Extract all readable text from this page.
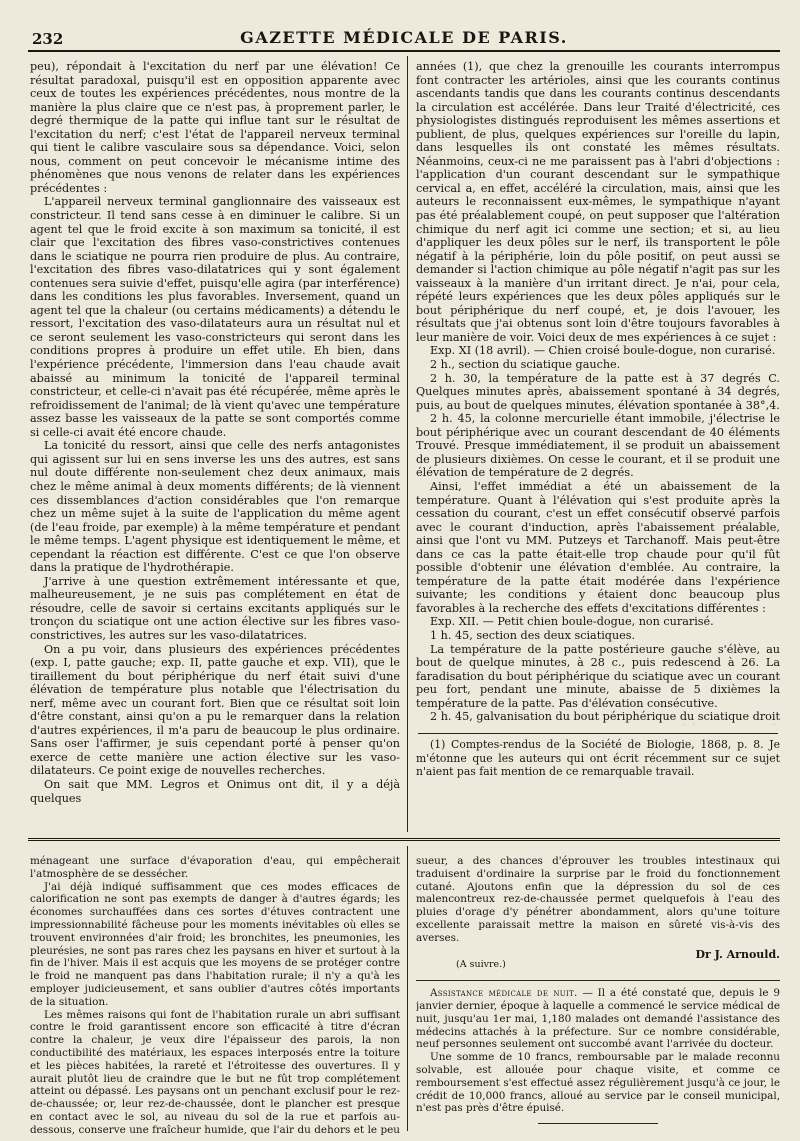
232	GAZETTE MÉDICALE DE PARIS.

peu), répondait à l'excitation du nerf par une élévation! Ce résultat paradoxal, puisqu'il est en opposition apparente avec ceux de toutes les expériences précédentes, nous montre de la manière la plus claire que ce n'est pas, à proprement parler, le degré thermique de la patte qui influe tant sur le résultat de l'excitation du nerf; c'est l'état de l'appareil nerveux terminal qui tient le calibre vasculaire sous sa dépendance. Voici, selon nous, comment on peut concevoir le mécanisme intime des phénomènes que nous venons de relater dans les expériences précédentes :

L'appareil nerveux terminal ganglionnaire des vaisseaux est constricteur. Il tend sans cesse à en diminuer le calibre. Si un agent tel que le froid excite à son maximum sa tonicité, il est clair que l'excitation des fibres vaso-constrictives contenues dans le sciatique ne pourra rien produire de plus. Au contraire, l'excitation des fibres vaso-dilatatrices qui y sont également contenues sera suivie d'effet, puisqu'elle agira (par interférence) dans les conditions les plus favorables. Inversement, quand un agent tel que la chaleur (ou certains médicaments) a détendu le ressort, l'excitation des vaso-dilatateurs aura un résultat nul et ce seront seulement les vaso-constricteurs qui seront dans les conditions propres à produire un effet utile. Eh bien, dans l'expérience précédente, l'immersion dans l'eau chaude avait abaissé au minimum la tonicité de l'appareil terminal constricteur, et celle-ci n'avait pas été récupérée, même après le refroidissement de l'animal; de là vient qu'avec une température assez basse les vaisseaux de la patte se sont comportés comme si celle-ci avait été encore chaude.

La tonicité du ressort, ainsi que celle des nerfs antagonistes qui agissent sur lui en sens inverse les uns des autres, est sans nul doute différente non-seulement chez deux animaux, mais chez le même animal à deux moments différents; de là viennent ces dissemblances d'action considérables que l'on remarque chez un même sujet à la suite de l'application du même agent (de l'eau froide, par exemple) à la même température et pendant le même temps. L'agent physique est identiquement le même, et cependant la réaction est différente. C'est ce que l'on observe dans la pratique de l'hydrothérapie.

J'arrive à une question extrêmement intéressante et que, malheureusement, je ne suis pas complétement en état de résoudre, celle de savoir si certains excitants appliqués sur le tronçon du sciatique ont une action élective sur les fibres vaso-constrictives, les autres sur les vaso-dilatatrices.

On a pu voir, dans plusieurs des expériences précédentes (exp. I, patte gauche; exp. II, patte gauche et exp. VII), que le tiraillement du bout périphérique du nerf était suivi d'une élévation de température plus notable que l'électrisation du nerf, même avec un courant fort. Bien que ce résultat soit loin d'être constant, ainsi qu'on a pu le remarquer dans la relation d'autres expériences, il m'a paru de beaucoup le plus ordinaire. Sans oser l'affirmer, je suis cependant porté à penser qu'on exerce de cette manière une action élective sur les vaso-dilatateurs. Ce point exige de nouvelles recherches.

On sait que MM. Legros et Onimus ont dit, il y a déjà quelques

années (1), que chez la grenouille les courants interrompus font contracter les artérioles, ainsi que les courants continus ascendants tandis que dans les courants continus descendants la circulation est accélérée. Dans leur Traité d'électricité, ces physiologistes distingués reproduisent les mêmes assertions et publient, de plus, quelques expériences sur l'oreille du lapin, dans lesquelles ils ont constaté les mêmes résultats. Néanmoins, ceux-ci ne me paraissent pas à l'abri d'objections : l'application d'un courant descendant sur le sympathique cervical a, en effet, accéléré la circulation, mais, ainsi que les auteurs le reconnaissent eux-mêmes, le sympathique n'ayant pas été préalablement coupé, on peut supposer que l'altération chimique du nerf agit ici comme une section; et si, au lieu d'appliquer les deux pôles sur le nerf, ils transportent le pôle négatif à la périphérie, loin du pôle positif, on peut aussi se demander si l'action chimique au pôle négatif n'agit pas sur les vaisseaux à la manière d'un irritant direct. Je n'ai, pour cela, répété leurs expériences que les deux pôles appliqués sur le bout périphérique du nerf coupé, et, je dois l'avouer, les résultats que j'ai obtenus sont loin d'être toujours favorables à leur manière de voir. Voici deux de mes expériences à ce sujet :

Exp. XI (18 avril). — Chien croisé boule-dogue, non curarisé.

2 h., section du sciatique gauche.

2 h. 30, la température de la patte est à 37 degrés C. Quelques minutes après, abaissement spontané à 34 degrés, puis, au bout de quelques minutes, élévation spontanée à 38°,4.

2 h. 45, la colonne mercurielle étant immobile, j'électrise le bout périphérique avec un courant descendant de 40 éléments Trouvé. Presque immédiatement, il se produit un abaissement de plusieurs dixièmes. On cesse le courant, et il se produit une élévation de température de 2 degrés.

Ainsi, l'effet immédiat a été un abaissement de la température. Quant à l'élévation qui s'est produite après la cessation du courant, c'est un effet consécutif observé parfois avec le courant d'induction, après l'abaissement préalable, ainsi que l'ont vu MM. Putzeys et Tarchanoff. Mais peut-être dans ce cas la patte était-elle trop chaude pour qu'il fût possible d'obtenir une élévation d'emblée. Au contraire, la température de la patte était modérée dans l'expérience suivante; les conditions y étaient donc beaucoup plus favorables à la recherche des effets d'excitations différentes :

Exp. XII. — Petit chien boule-dogue, non curarisé.

1 h. 45, section des deux sciatiques.

La température de la patte postérieure gauche s'élève, au bout de quelque minutes, à 28 c., puis redescend à 26. La faradisation du bout périphérique du sciatique avec un courant peu fort, pendant une minute, abaisse de 5 dixièmes la température de la patte. Pas d'élévation consécutive.

2 h. 45, galvanisation du bout périphérique du sciatique droit

(1) Comptes-rendus de la Société de Biologie, 1868, p. 8. Je m'étonne que les auteurs qui ont écrit récemment sur ce sujet n'aient pas fait mention de ce remarquable travail.

ménageant une surface d'évaporation d'eau, qui empêcherait l'atmosphère de se dessécher.

J'ai déjà indiqué suffisamment que ces modes efficaces de calorification ne sont pas exempts de danger à d'autres égards; les économes surchauffées dans ces sortes d'étuves contractent une impressionnabilité fâcheuse pour les moments inévitables où elles se trouvent environnées d'air froid; les bronchites, les pneumonies, les pleurésies, ne sont pas rares chez les paysans en hiver et surtout à la fin de l'hiver. Mais il est acquis que les moyens de se protéger contre le froid ne manquent pas dans l'habitation rurale; il n'y a qu'à les employer judicieusement, et sans oublier d'autres côtés importants de la situation.

Les mêmes raisons qui font de l'habitation rurale un abri suffisant contre le froid garantissent encore son efficacité à titre d'écran contre la chaleur, je veux dire l'épaisseur des parois, la non conductibilité des matériaux, les espaces interposés entre la toiture et les pièces habitées, la rareté et l'étroitesse des ouvertures. Il y aurait plutôt lieu de craindre que le but ne fût trop complétement atteint ou dépassé. Les paysans ont un penchant exclusif pour le rez-de-chaussée; or, leur rez-de-chaussée, dont le plancher est presque en contact avec le sol, au niveau du sol de la rue et parfois au-dessous, conserve une fraîcheur humide, que l'air du dehors et le peu

sueur, a des chances d'éprouver les troubles intestinaux qui traduisent d'ordinaire la surprise par le froid du fonctionnement cutané. Ajoutons enfin que la dépression du sol de ces malencontreux rez-de-chaussée permet quelquefois à l'eau des pluies d'orage d'y pénétrer abondamment, alors qu'une toiture excellente paraissait mettre la maison en sûreté vis-à-vis des averses.

Dr J. Arnould.
(A suivre.)

Assistance médicale de nuit. — Il a été constaté que, depuis le 9 janvier dernier, époque à laquelle a commencé le service médical de nuit, jusqu'au 1er mai, 1,180 malades ont demandé l'assistance des médecins attachés à la préfecture. Sur ce nombre considérable, neuf personnes seulement ont succombé avant l'arrivée du docteur.

Une somme de 10 francs, remboursable par le malade reconnu solvable, est allouée pour chaque visite, et comme ce remboursement s'est effectué assez régulièrement jusqu'à ce jour, le crédit de 10,000 francs, alloué au service par le conseil municipal, n'est pas près d'être épuisé.
